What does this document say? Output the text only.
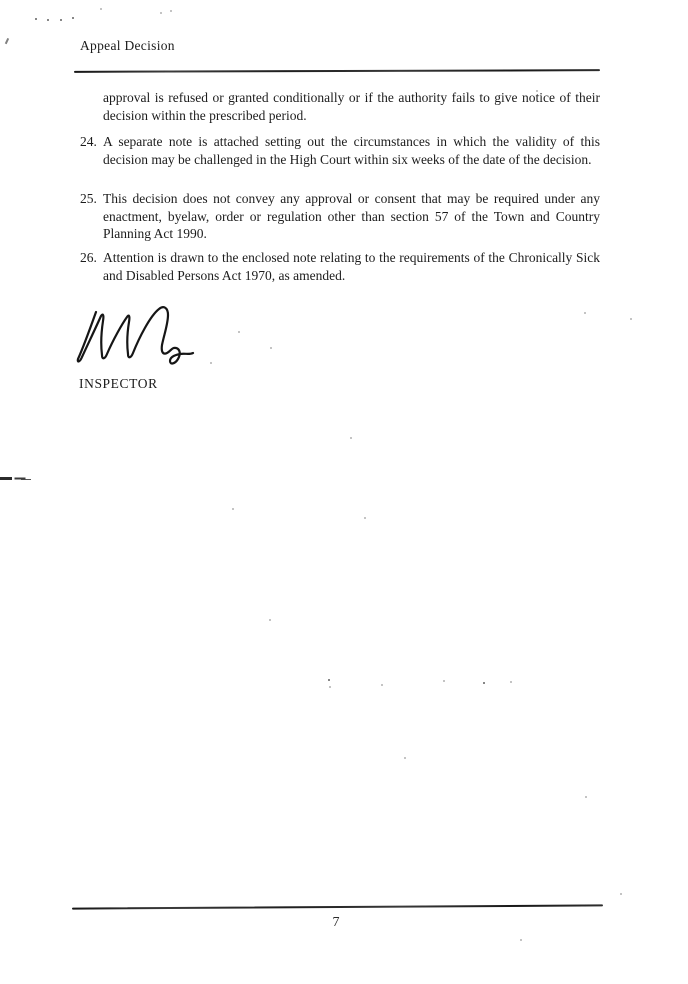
Appeal Decision
approval is refused or granted conditionally or if the authority fails to give notice of their decision within the prescribed period.
24. A separate note is attached setting out the circumstances in which the validity of this decision may be challenged in the High Court within six weeks of the date of the decision.
25. This decision does not convey any approval or consent that may be required under any enactment, byelaw, order or regulation other than section 57 of the Town and Country Planning Act 1990.
26. Attention is drawn to the enclosed note relating to the requirements of the Chronically Sick and Disabled Persons Act 1970, as amended.
INSPECTOR
7
